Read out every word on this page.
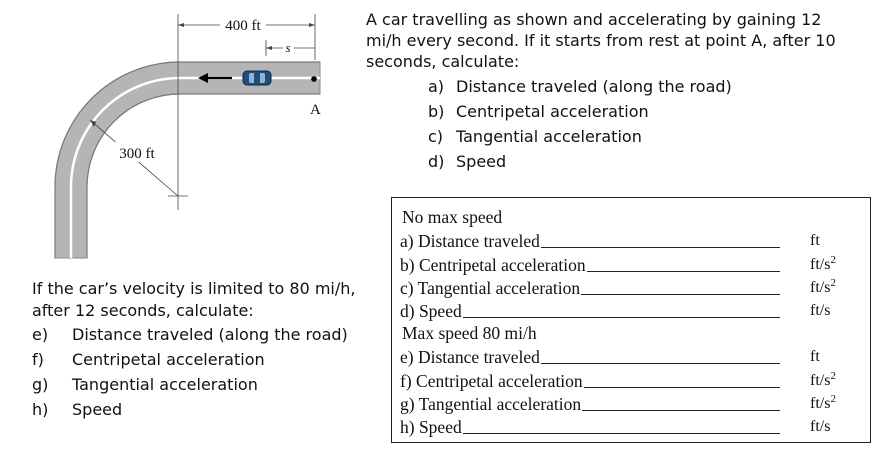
400 ft
s
A
300 ft

A car travelling as shown and accelerating by gaining 12 mi/h every second. If it starts from rest at point A, after 10 seconds, calculate:

a) Distance traveled (along the road)
b) Centripetal acceleration
c) Tangential acceleration
d) Speed

If the car’s velocity is limited to 80 mi/h, after 12 seconds, calculate:

e)	Distance traveled (along the road)
f)	Centripetal acceleration
g)	Tangential acceleration
h)	Speed
No max speed
a) Distance traveled	ft
b) Centripetal acceleration	$ft/s^2$
c) Tangential acceleration	$ft/s^2$
d) Speed	ft/s
Max speed 80 mi/h
e) Distance traveled	ft
f) Centripetal acceleration	$ft/s^2$
g) Tangential acceleration	$ft/s^2$
h) Speed	ft/s
